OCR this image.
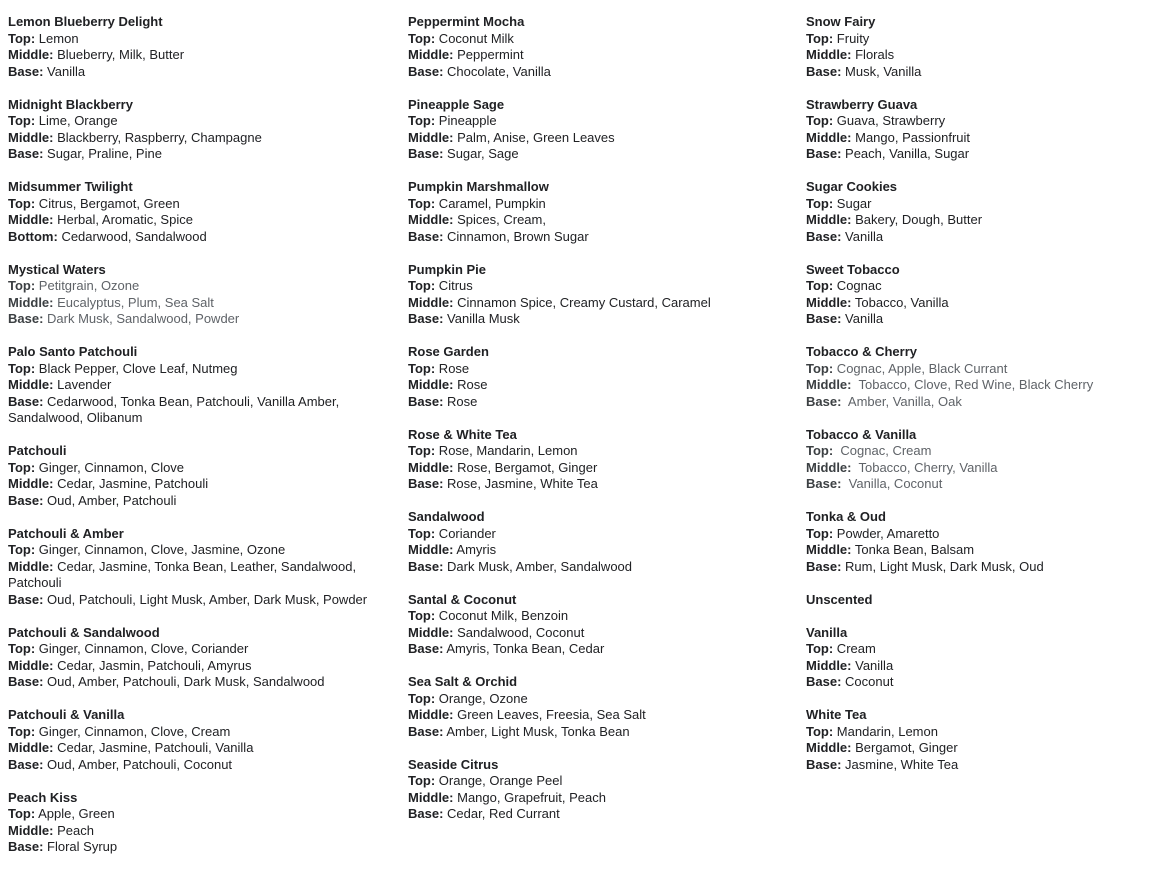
Lemon Blueberry Delight
Top: Lemon
Middle: Blueberry, Milk, Butter
Base: Vanilla
Midnight Blackberry
Top: Lime, Orange
Middle: Blackberry, Raspberry, Champagne
Base: Sugar, Praline, Pine
Midsummer Twilight
Top: Citrus, Bergamot, Green
Middle: Herbal, Aromatic, Spice
Bottom: Cedarwood, Sandalwood
Mystical Waters
Top: Petitgrain, Ozone
Middle: Eucalyptus, Plum, Sea Salt
Base: Dark Musk, Sandalwood, Powder
Palo Santo Patchouli
Top: Black Pepper, Clove Leaf, Nutmeg
Middle: Lavender
Base: Cedarwood, Tonka Bean, Patchouli, Vanilla Amber, Sandalwood, Olibanum
Patchouli
Top: Ginger, Cinnamon, Clove
Middle: Cedar, Jasmine, Patchouli
Base: Oud, Amber, Patchouli
Patchouli & Amber
Top: Ginger, Cinnamon, Clove, Jasmine, Ozone
Middle: Cedar, Jasmine, Tonka Bean, Leather, Sandalwood, Patchouli
Base: Oud, Patchouli, Light Musk, Amber, Dark Musk, Powder
Patchouli & Sandalwood
Top: Ginger, Cinnamon, Clove, Coriander
Middle: Cedar, Jasmin, Patchouli, Amyrus
Base: Oud, Amber, Patchouli, Dark Musk, Sandalwood
Patchouli & Vanilla
Top: Ginger, Cinnamon, Clove, Cream
Middle: Cedar, Jasmine, Patchouli, Vanilla
Base: Oud, Amber, Patchouli, Coconut
Peach Kiss
Top: Apple, Green
Middle: Peach
Base: Floral Syrup
Peppermint Mocha
Top: Coconut Milk
Middle: Peppermint
Base: Chocolate, Vanilla
Pineapple Sage
Top: Pineapple
Middle: Palm, Anise, Green Leaves
Base: Sugar, Sage
Pumpkin Marshmallow
Top: Caramel, Pumpkin
Middle: Spices, Cream,
Base: Cinnamon, Brown Sugar
Pumpkin Pie
Top: Citrus
Middle: Cinnamon Spice, Creamy Custard, Caramel
Base: Vanilla Musk
Rose Garden
Top: Rose
Middle: Rose
Base: Rose
Rose & White Tea
Top: Rose, Mandarin, Lemon
Middle: Rose, Bergamot, Ginger
Base: Rose, Jasmine, White Tea
Sandalwood
Top: Coriander
Middle: Amyris
Base: Dark Musk, Amber, Sandalwood
Santal & Coconut
Top: Coconut Milk, Benzoin
Middle: Sandalwood, Coconut
Base: Amyris, Tonka Bean, Cedar
Sea Salt & Orchid
Top: Orange, Ozone
Middle: Green Leaves, Freesia, Sea Salt
Base: Amber, Light Musk, Tonka Bean
Seaside Citrus
Top: Orange, Orange Peel
Middle: Mango, Grapefruit, Peach
Base: Cedar, Red Currant
Snow Fairy
Top: Fruity
Middle: Florals
Base: Musk, Vanilla
Strawberry Guava
Top: Guava, Strawberry
Middle: Mango, Passionfruit
Base: Peach, Vanilla, Sugar
Sugar Cookies
Top: Sugar
Middle: Bakery, Dough, Butter
Base: Vanilla
Sweet Tobacco
Top: Cognac
Middle: Tobacco, Vanilla
Base: Vanilla
Tobacco & Cherry
Top: Cognac, Apple, Black Currant
Middle:  Tobacco, Clove, Red Wine, Black Cherry
Base:  Amber, Vanilla, Oak
Tobacco & Vanilla
Top:  Cognac, Cream
Middle:  Tobacco, Cherry, Vanilla
Base:  Vanilla, Coconut
Tonka & Oud
Top: Powder, Amaretto
Middle: Tonka Bean, Balsam
Base: Rum, Light Musk, Dark Musk, Oud
Unscented
Vanilla
Top: Cream
Middle: Vanilla
Base: Coconut
White Tea
Top: Mandarin, Lemon
Middle: Bergamot, Ginger
Base: Jasmine, White Tea
